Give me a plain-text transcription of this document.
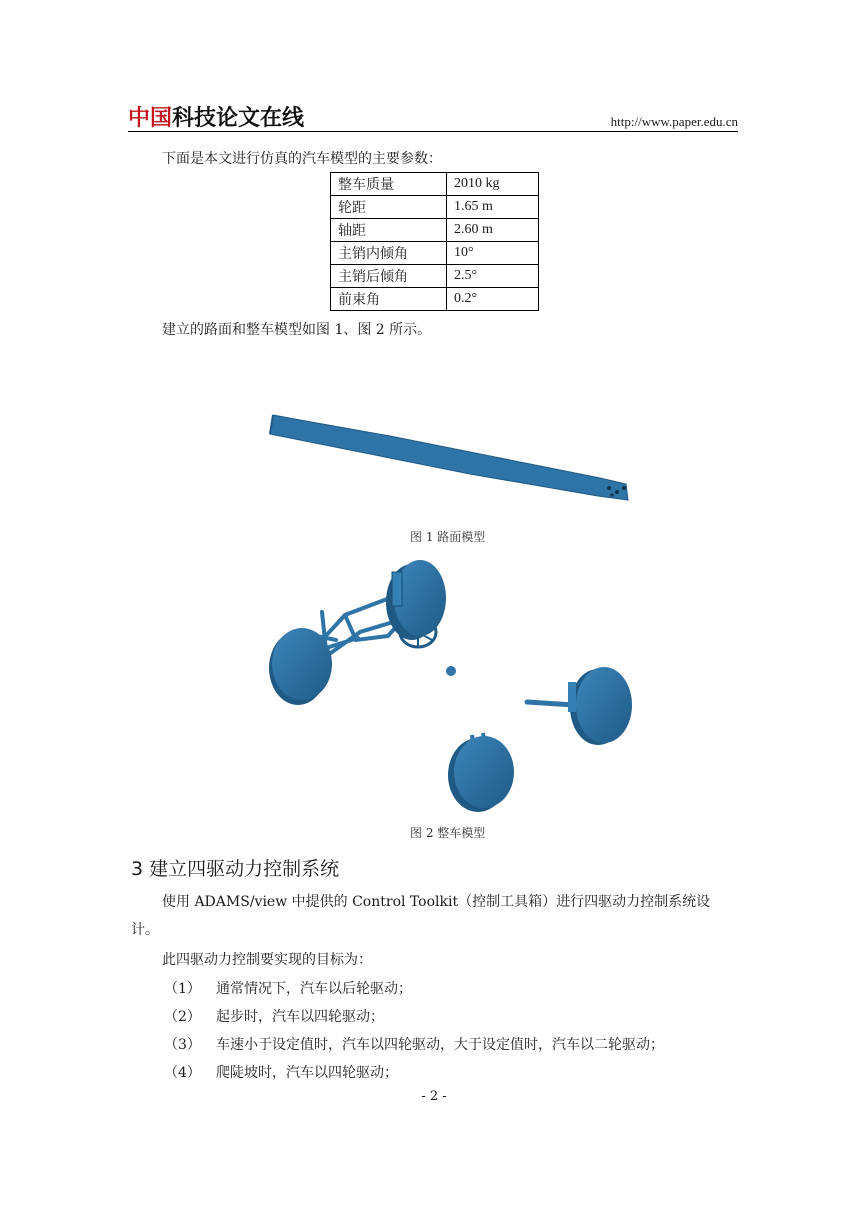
中国 科技论文在线	http://www.paper.edu.cn
下面是本文进行仿真的汽车模型的主要参数：
整车质量	2010 kg
轮距	1.65 m
轴距	2.60 m
主销内倾角	10°
主销后倾角	2.5°
前束角	0.2°
建立的路面和整车模型如图 1、图 2 所示。
图 1 路面模型
图 2 整车模型
3 建立四驱动力控制系统
使用 ADAMS/view 中提供的 Control Toolkit（控制工具箱）进行四驱动力控制系统设
计。
此四驱动力控制要实现的目标为：
（1） 通常情况下，汽车以后轮驱动；
（2） 起步时，汽车以四轮驱动；
（3） 车速小于设定值时，汽车以四轮驱动，大于设定值时，汽车以二轮驱动；
（4） 爬陡坡时，汽车以四轮驱动；
- 2 -
